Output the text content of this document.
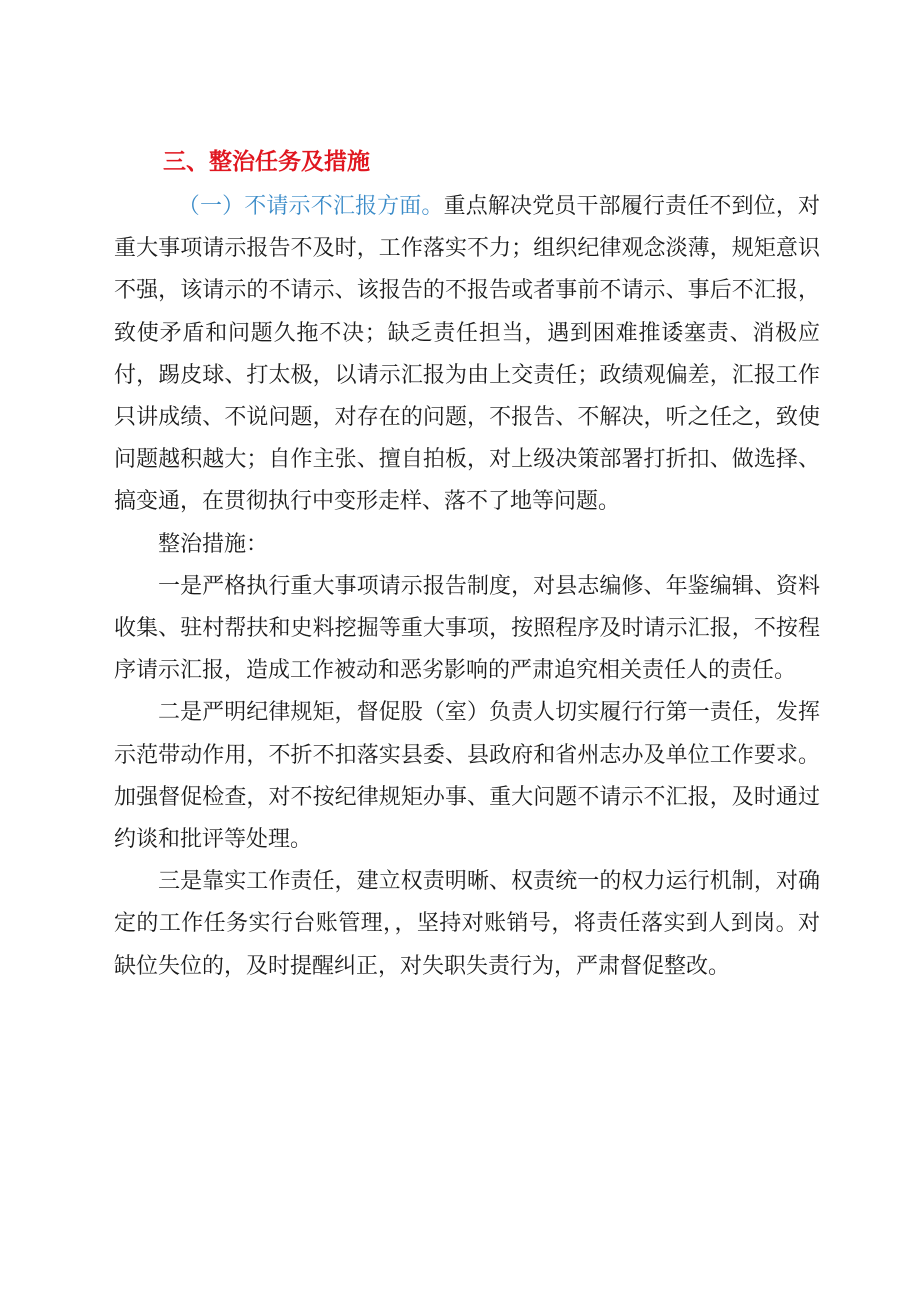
三、整治任务及措施

（一）不请示不汇报方面。重点解决党员干部履行责任不到位，对重大事项请示报告不及时，工作落实不力；组织纪律观念淡薄，规矩意识不强，该请示的不请示、该报告的不报告或者事前不请示、事后不汇报，致使矛盾和问题久拖不决；缺乏责任担当，遇到困难推诿塞责、消极应付，踢皮球、打太极，以请示汇报为由上交责任；政绩观偏差，汇报工作只讲成绩、不说问题，对存在的问题，不报告、不解决，听之任之，致使问题越积越大；自作主张、擅自拍板，对上级决策部署打折扣、做选择、搞变通，在贯彻执行中变形走样、落不了地等问题。

整治措施：

一是严格执行重大事项请示报告制度，对县志编修、年鉴编辑、资料收集、驻村帮扶和史料挖掘等重大事项，按照程序及时请示汇报，不按程序请示汇报，造成工作被动和恶劣影响的严肃追究相关责任人的责任。

二是严明纪律规矩，督促股（室）负责人切实履行行第一责任，发挥示范带动作用，不折不扣落实县委、县政府和省州志办及单位工作要求。加强督促检查，对不按纪律规矩办事、重大问题不请示不汇报，及时通过约谈和批评等处理。

三是靠实工作责任，建立权责明晰、权责统一的权力运行机制，对确定的工作任务实行台账管理，，坚持对账销号，将责任落实到人到岗。对缺位失位的，及时提醒纠正，对失职失责行为，严肃督促整改。
